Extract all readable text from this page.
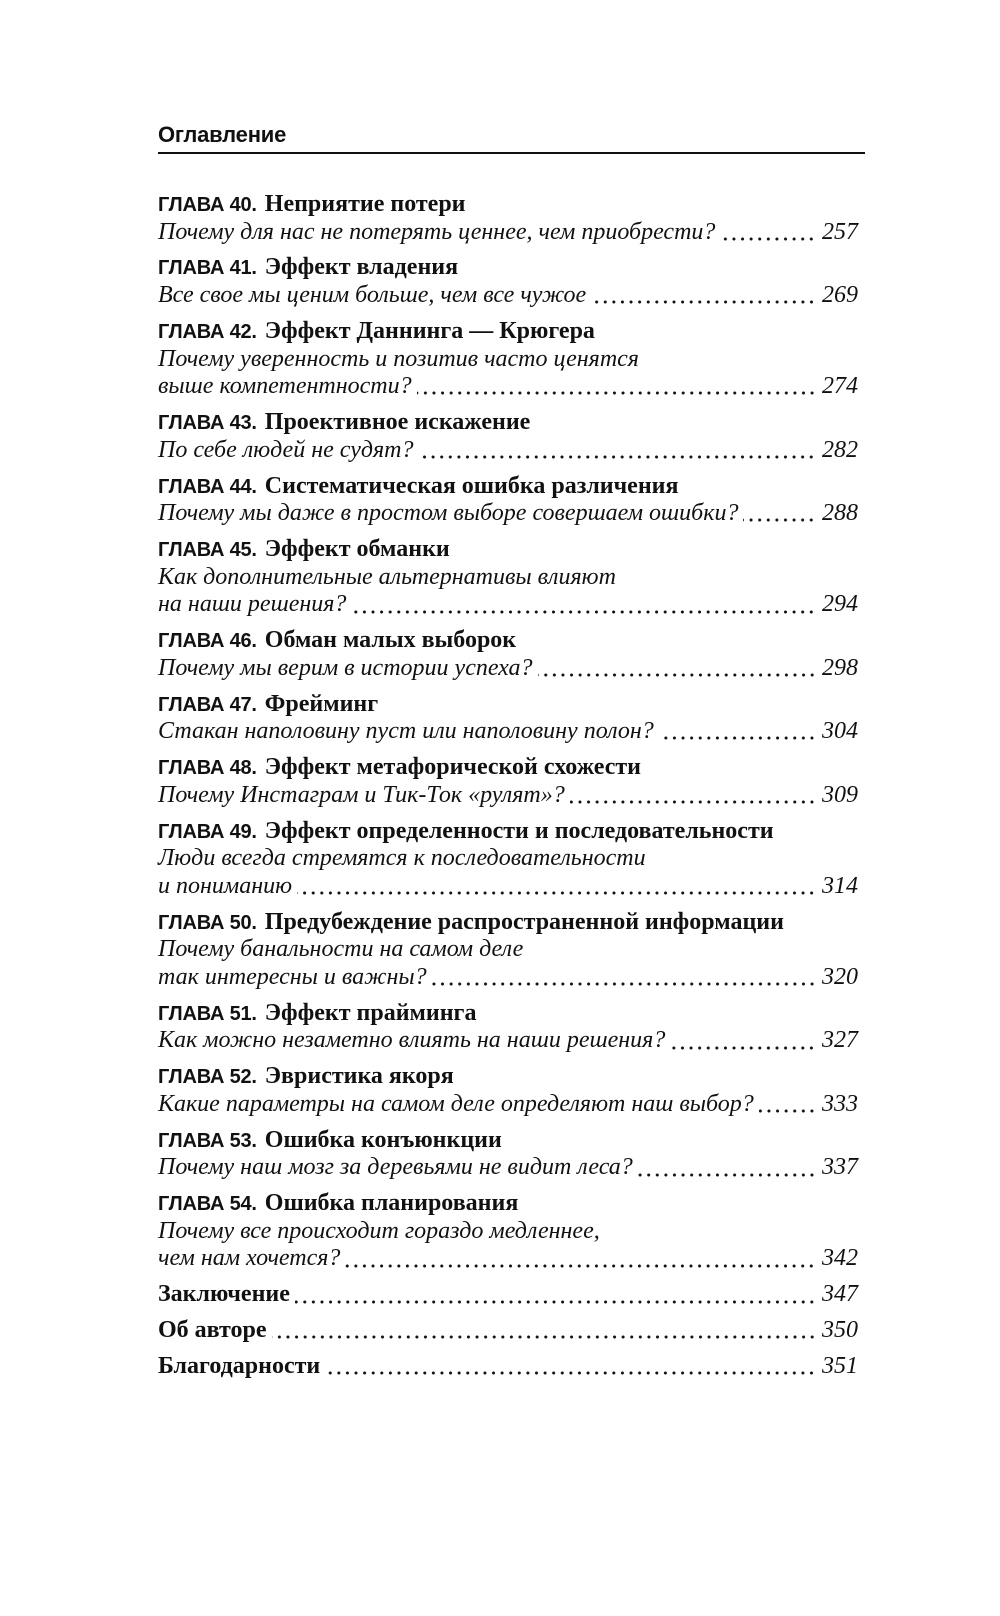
Оглавление
ГЛАВА 40. Неприятие потери
Почему для нас не потерять ценнее, чем приобрести?	257
ГЛАВА 41. Эффект владения
Все свое мы ценим больше, чем все чужое	269
ГЛАВА 42. Эффект Даннинга — Крюгера
Почему уверенность и позитив часто ценятся
выше компетентности?	274
ГЛАВА 43. Проективное искажение
По себе людей не судят?	282
ГЛАВА 44. Систематическая ошибка различения
Почему мы даже в простом выборе совершаем ошибки?	288
ГЛАВА 45. Эффект обманки
Как дополнительные альтернативы влияют
на наши решения?	294
ГЛАВА 46. Обман малых выборок
Почему мы верим в истории успеха?	298
ГЛАВА 47. Фрейминг
Стакан наполовину пуст или наполовину полон?	304
ГЛАВА 48. Эффект метафорической схожести
Почему Инстаграм и Тик-Ток «рулят»?	309
ГЛАВА 49. Эффект определенности и последовательности
Люди всегда стремятся к последовательности
и пониманию	314
ГЛАВА 50. Предубеждение распространенной информации
Почему банальности на самом деле
так интересны и важны?	320
ГЛАВА 51. Эффект прайминга
Как можно незаметно влиять на наши решения?	327
ГЛАВА 52. Эвристика якоря
Какие параметры на самом деле определяют наш выбор?	333
ГЛАВА 53. Ошибка конъюнкции
Почему наш мозг за деревьями не видит леса?	337
ГЛАВА 54. Ошибка планирования
Почему все происходит гораздо медленнее,
чем нам хочется?	342
Заключение	347
Об авторе	350
Благодарности	351
